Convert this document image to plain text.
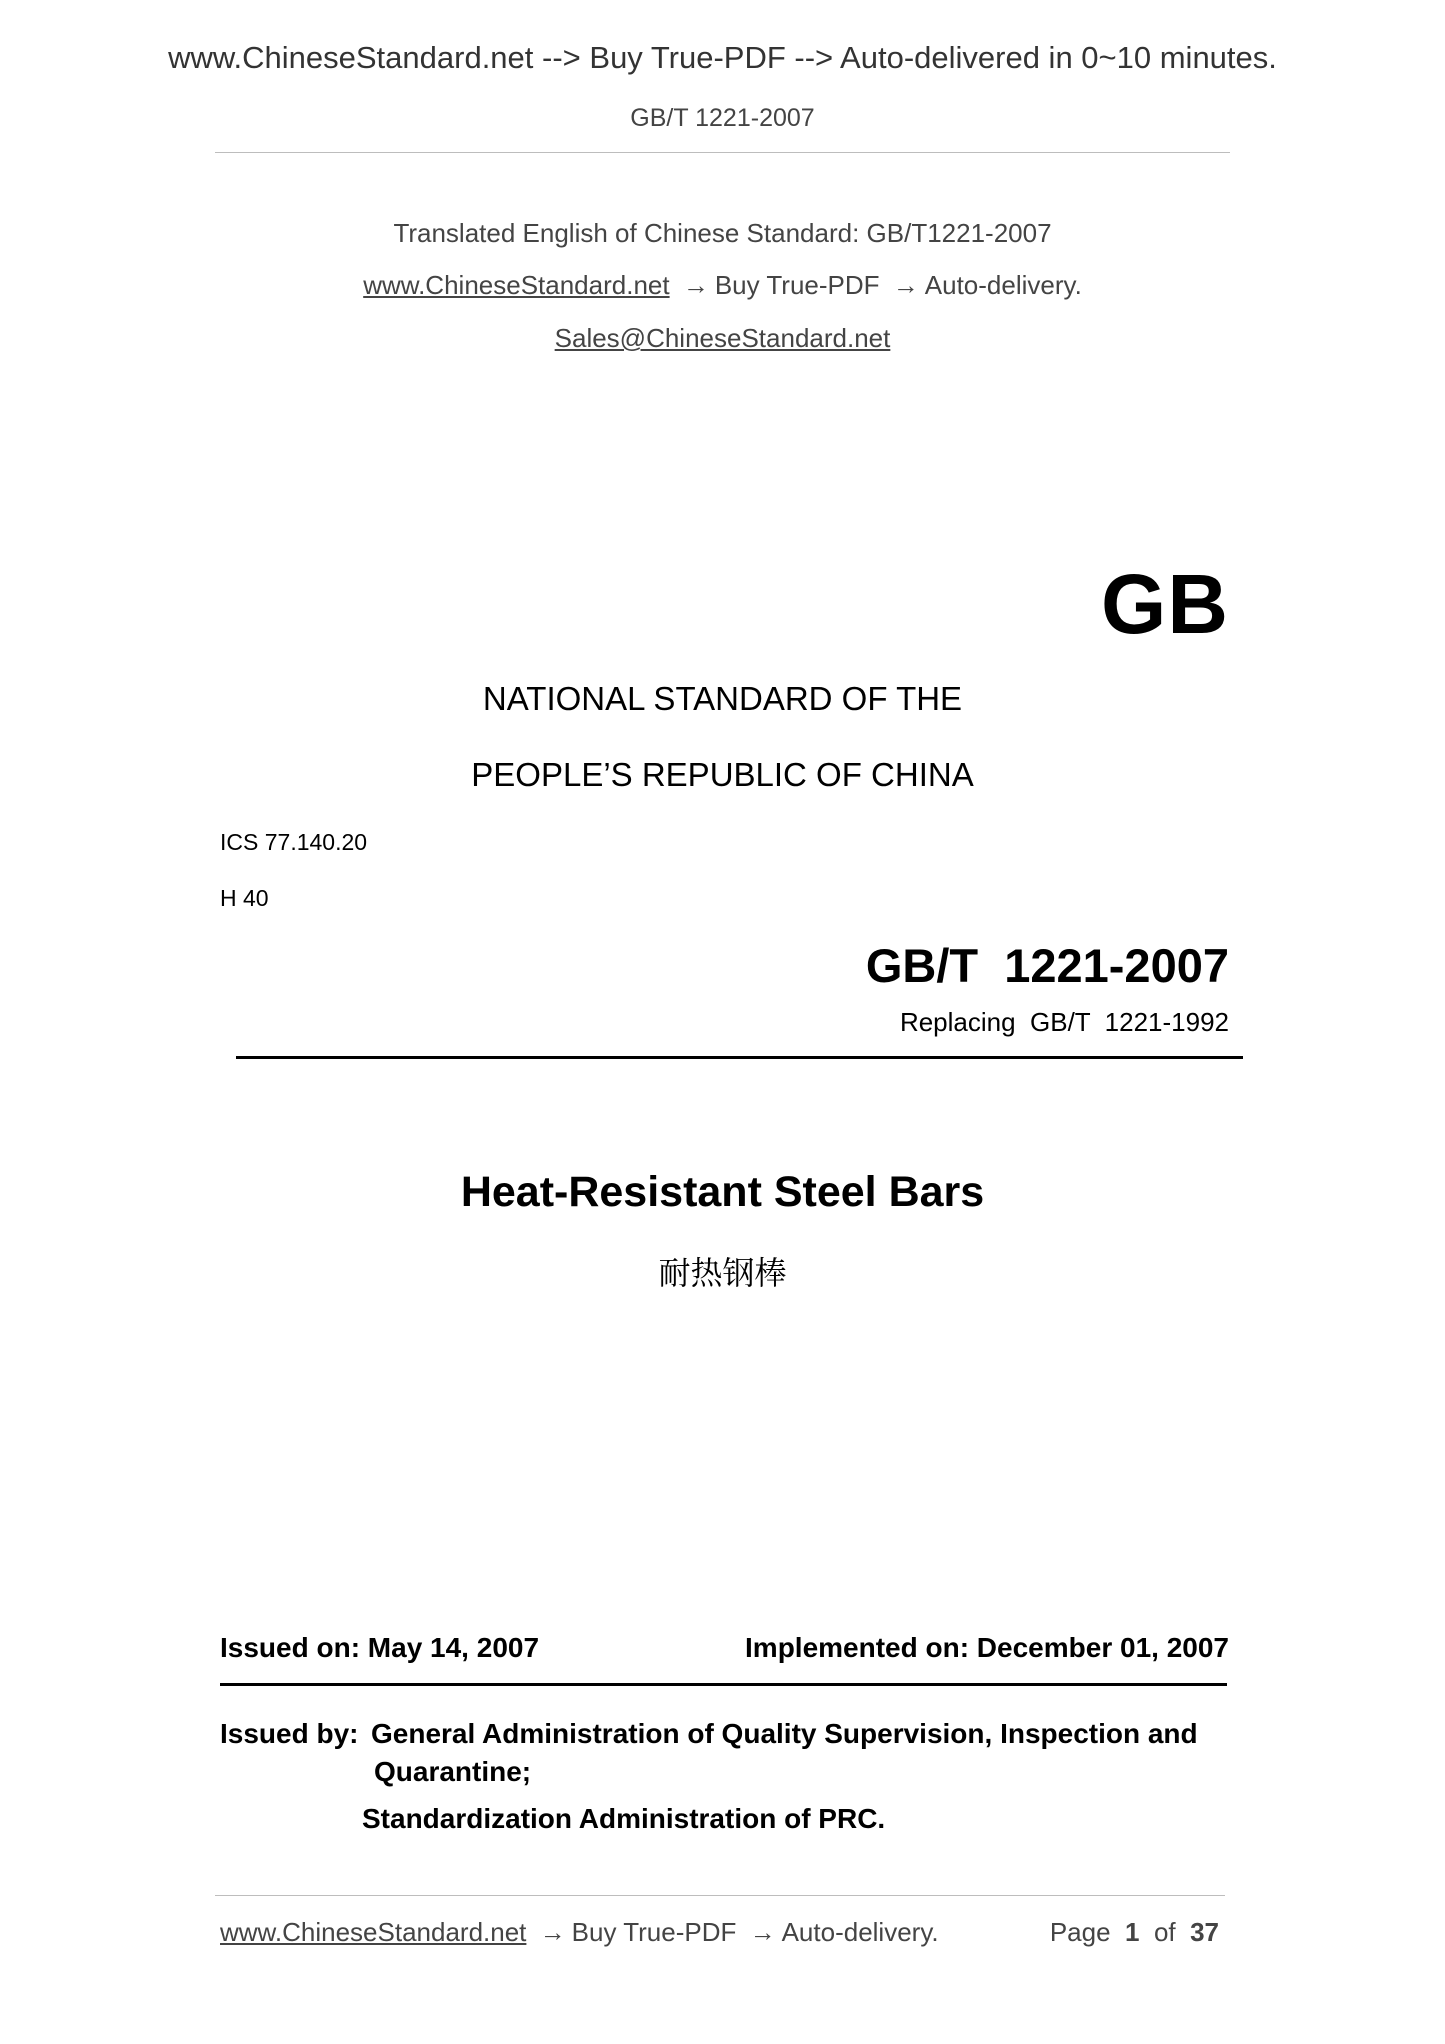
www.ChineseStandard.net --> Buy True-PDF --> Auto-delivered in 0~10 minutes.
GB/T 1221-2007
Translated English of Chinese Standard: GB/T1221-2007
www.ChineseStandard.net → Buy True-PDF → Auto-delivery.
Sales@ChineseStandard.net
GB
NATIONAL STANDARD OF THE
PEOPLE’S REPUBLIC OF CHINA
ICS 77.140.20
H 40
GB/T  1221-2007
Replacing  GB/T  1221-1992
Heat-Resistant Steel Bars
耐热钢棒
Issued on: May 14, 2007	Implemented on: December 01, 2007
Issued by: General Administration of Quality Supervision, Inspection and
Quarantine;
Standardization Administration of PRC.
www.ChineseStandard.net → Buy True-PDF → Auto-delivery.	Page 1 of 37
